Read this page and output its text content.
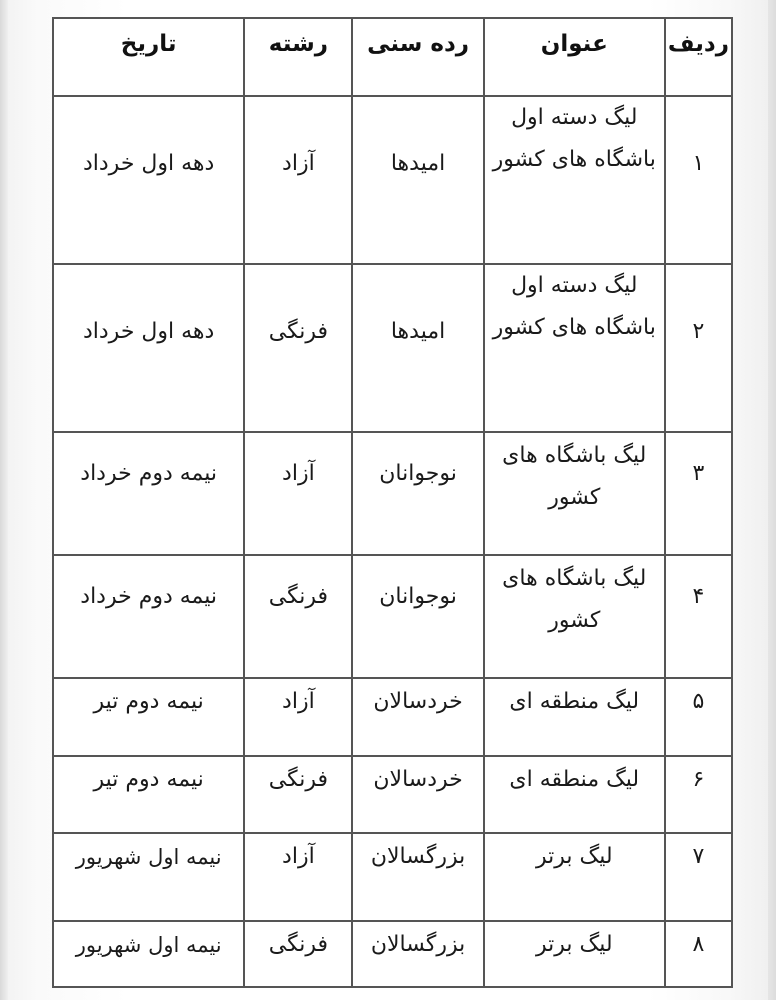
ردیف	عنوان	رده سنی	رشته	تاریخ
۱	لیگ دسته اول باشگاه های کشور	امیدها	آزاد	دهه اول خرداد
۲	لیگ دسته اول باشگاه های کشور	امیدها	فرنگی	دهه اول خرداد
۳	لیگ باشگاه های کشور	نوجوانان	آزاد	نیمه دوم خرداد
۴	لیگ باشگاه های کشور	نوجوانان	فرنگی	نیمه دوم خرداد
۵	لیگ منطقه ای	خردسالان	آزاد	نیمه دوم تیر
۶	لیگ منطقه ای	خردسالان	فرنگی	نیمه دوم تیر
۷	لیگ برتر	بزرگسالان	آزاد	نیمه اول شهریور
۸	لیگ برتر	بزرگسالان	فرنگی	نیمه اول شهریور
